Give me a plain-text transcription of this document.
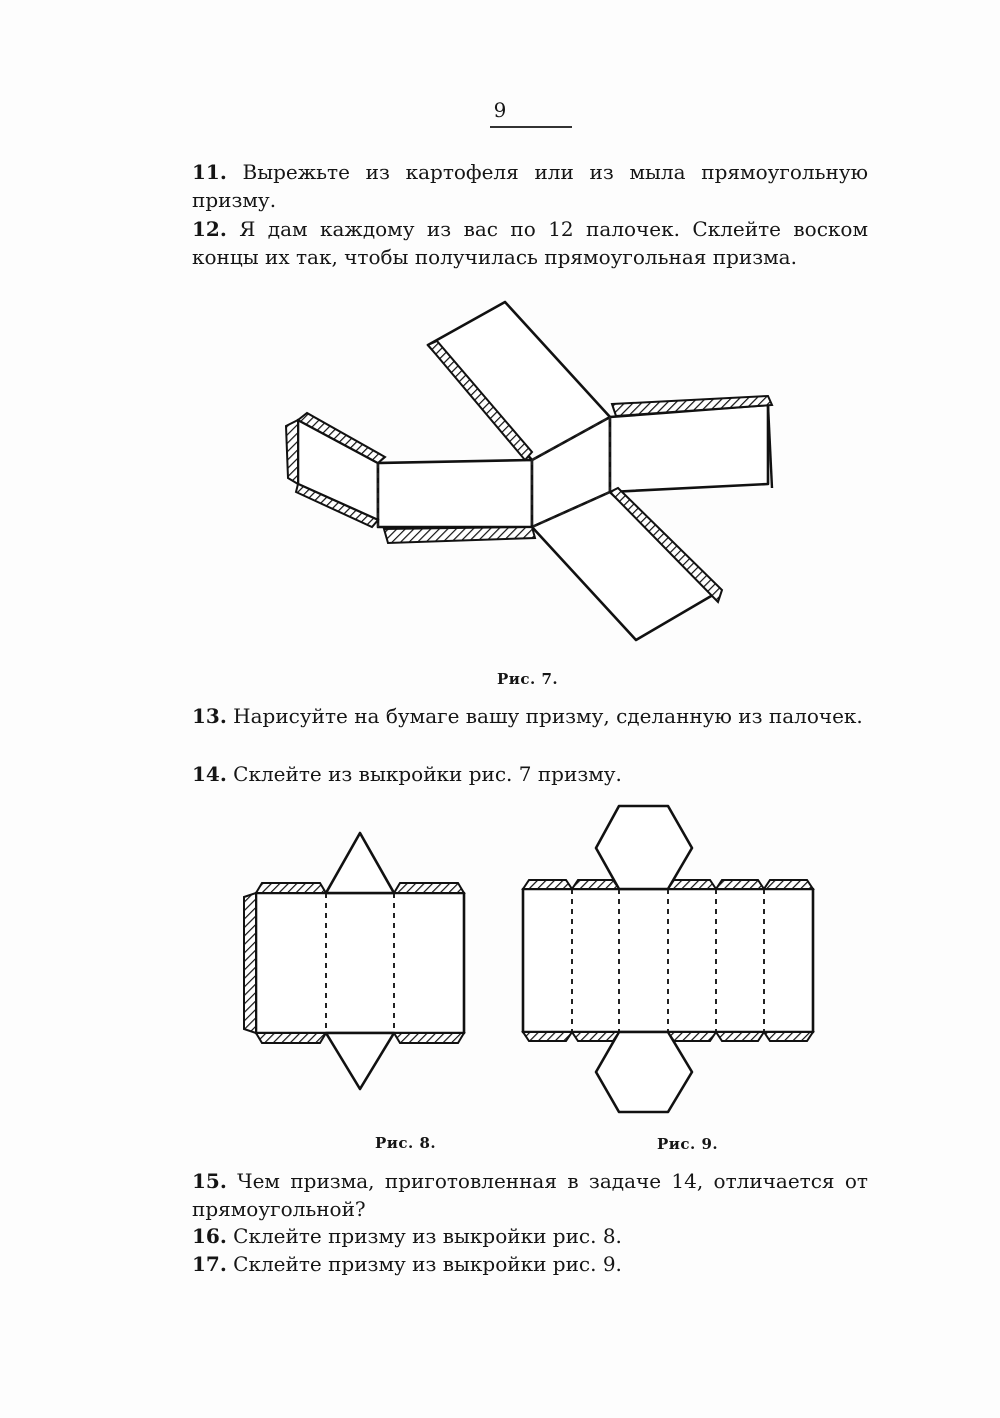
9

11. Вырежьте из картофеля или из мыла прямоугольную призму.

12. Я дам каждому из вас по 12 палочек. Склейте воском концы их так, чтобы получилась прямоугольная призма.

Рис. 7.

13. Нарисуйте на бумаге вашу призму, сделанную из палочек.

14. Склейте из выкройки рис. 7 призму.

Рис. 8.	Рис. 9.

15. Чем призма, приготовленная в задаче 14, отличается от прямоугольной?

16. Склейте призму из выкройки рис. 8.

17. Склейте призму из выкройки рис. 9.
